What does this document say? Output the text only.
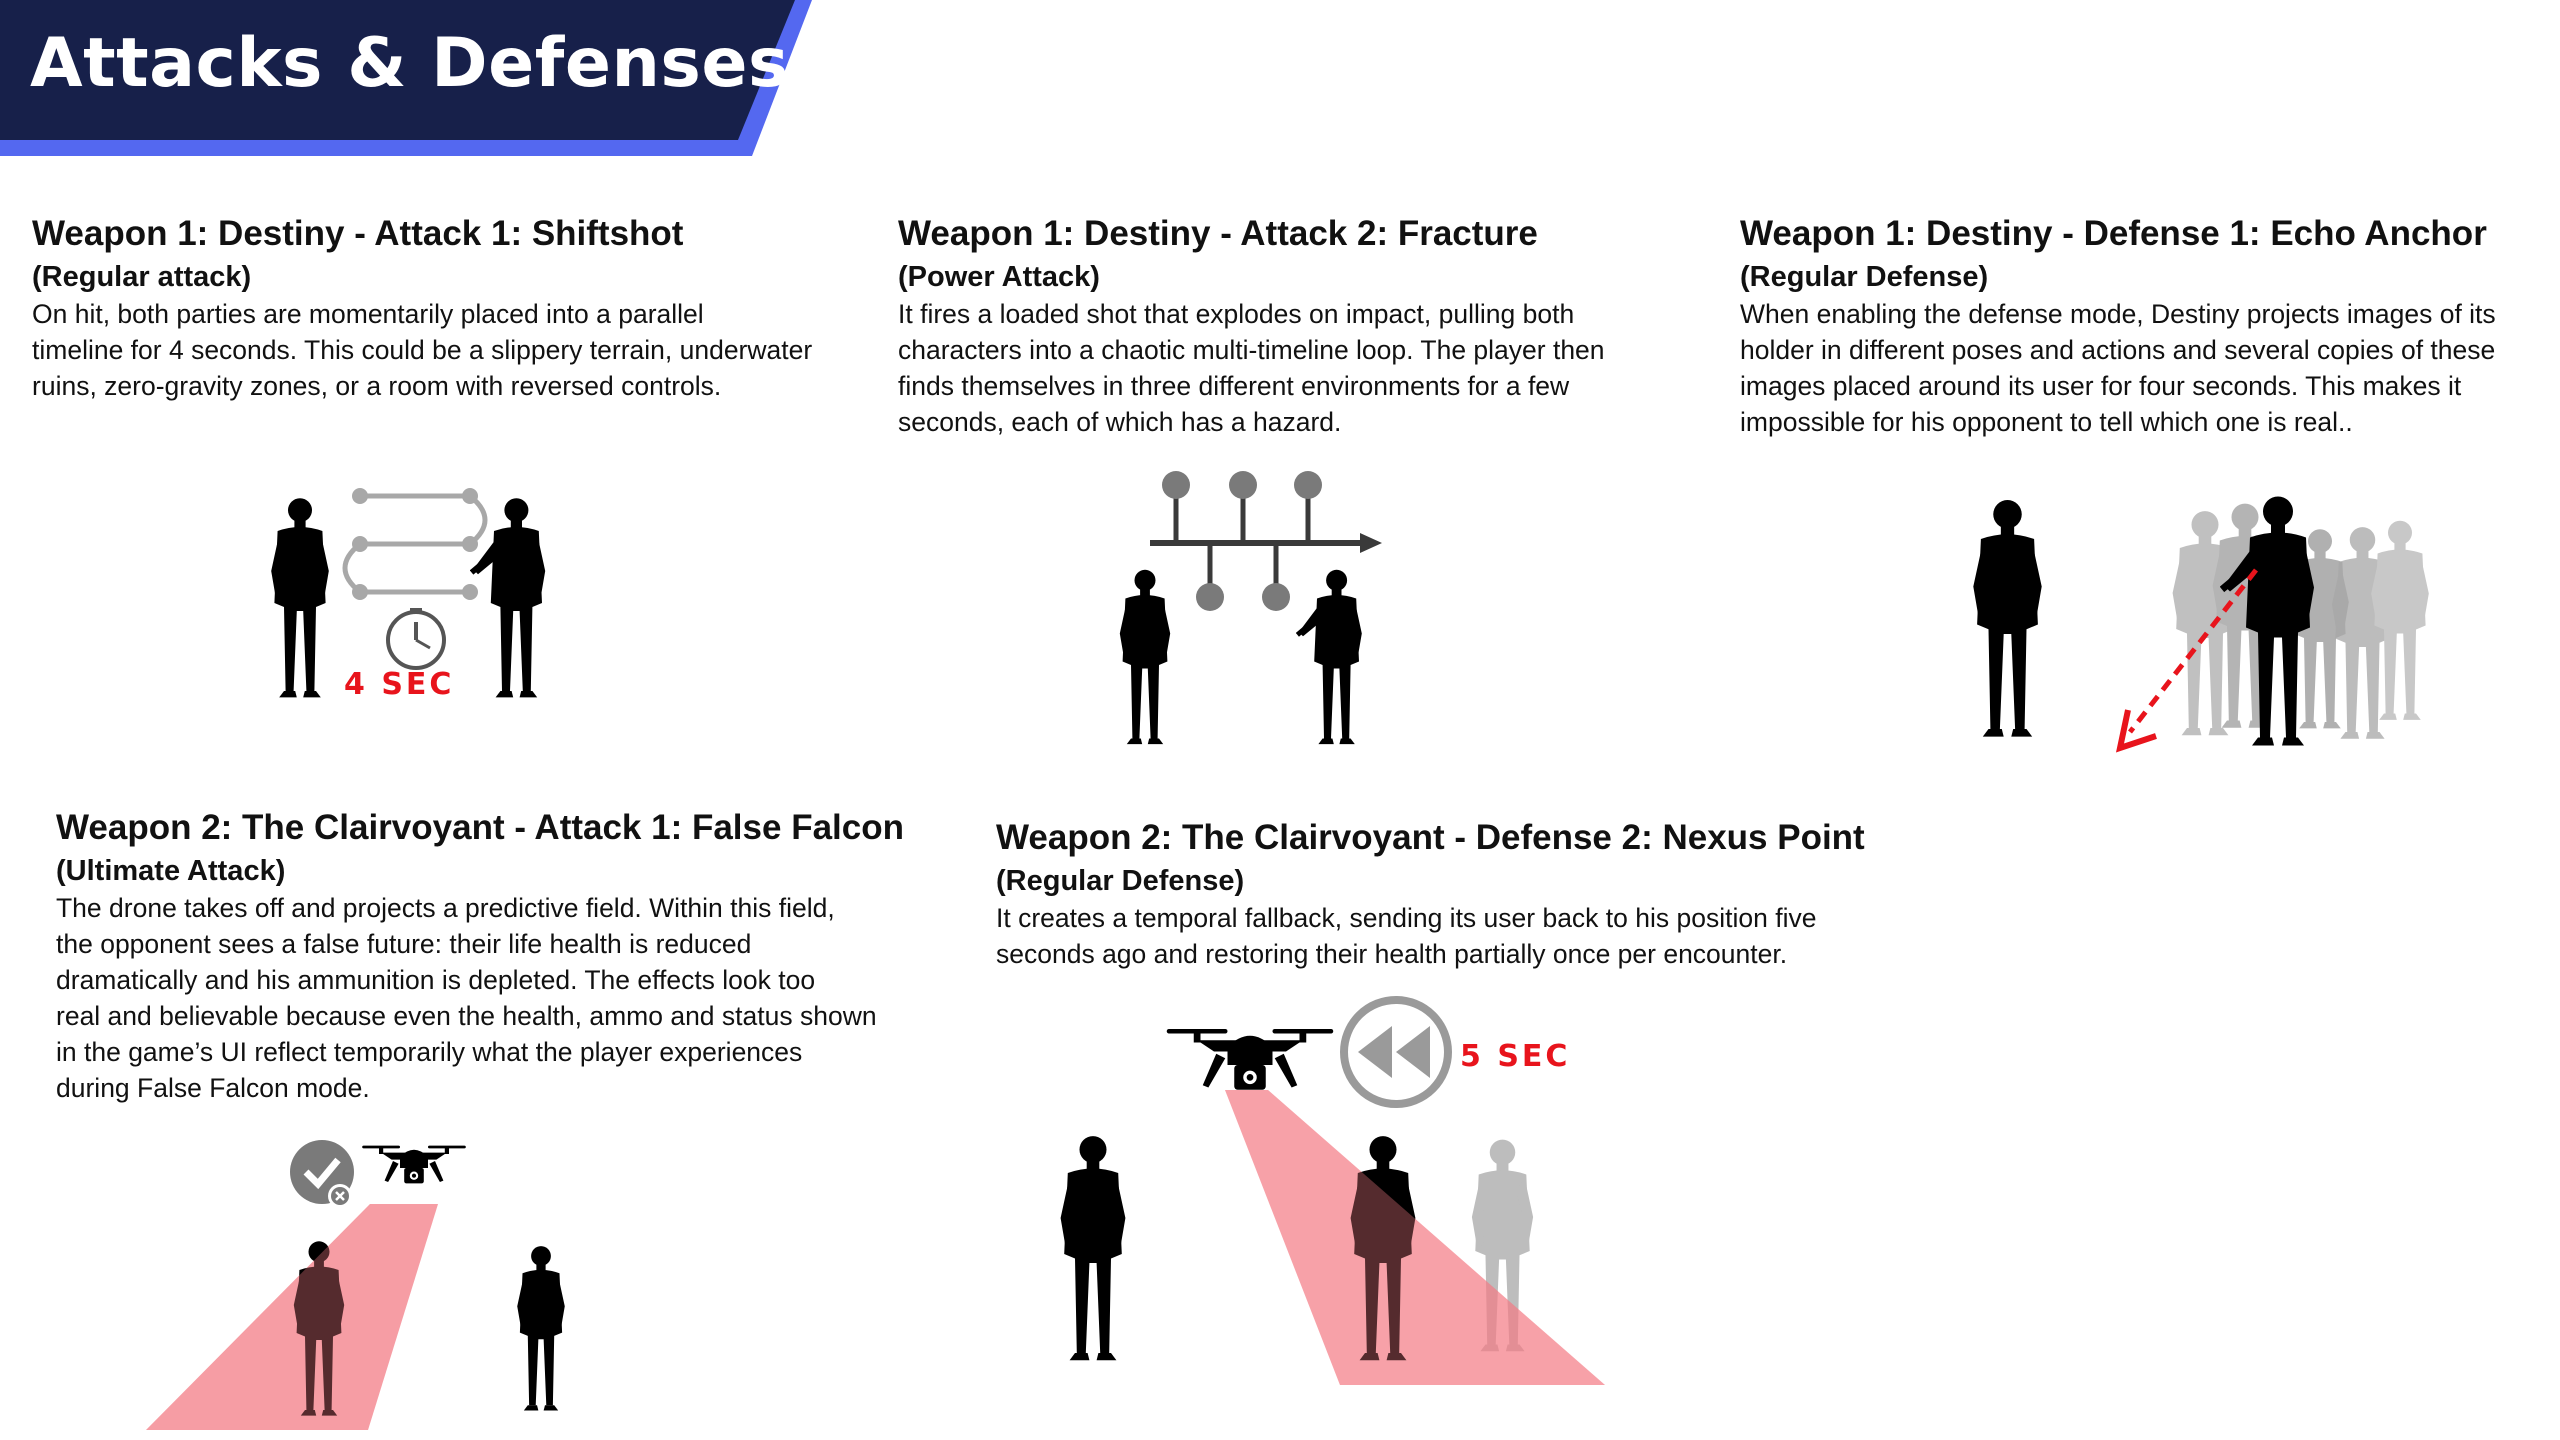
Attacks & Defenses
Weapon 1: Destiny - Attack 1: Shiftshot
(Regular attack)

On hit, both parties are momentarily placed into a parallel

timeline for 4 seconds. This could be a slippery terrain, underwater

ruins, zero-gravity zones, or a room with reversed controls.

Weapon 1: Destiny - Attack 2: Fracture
(Power Attack)

It fires a loaded shot that explodes on impact, pulling both

characters into a chaotic multi-timeline loop. The player then

finds themselves in three different environments for a few

seconds, each of which has a hazard.

Weapon 1: Destiny - Defense 1: Echo Anchor
(Regular Defense)

When enabling the defense mode, Destiny projects images of its

holder in different poses and actions and several copies of these

images placed around its user for four seconds. This makes it

impossible for his opponent to tell which one is real..

Weapon 2: The Clairvoyant - Attack 1: False Falcon
(Ultimate Attack)

The drone takes off and projects a predictive field. Within this field,

the opponent sees a false future: their life health is reduced

dramatically and his ammunition is depleted. The effects look too

real and believable because even the health, ammo and status shown

in the game’s UI reflect temporarily what the player experiences

during False Falcon mode.

Weapon 2: The Clairvoyant - Defense 2: Nexus Point
(Regular Defense)

It creates a temporal fallback, sending its user back to his position five

seconds ago and restoring their health partially once per encounter.

4 SEC
5 SEC
